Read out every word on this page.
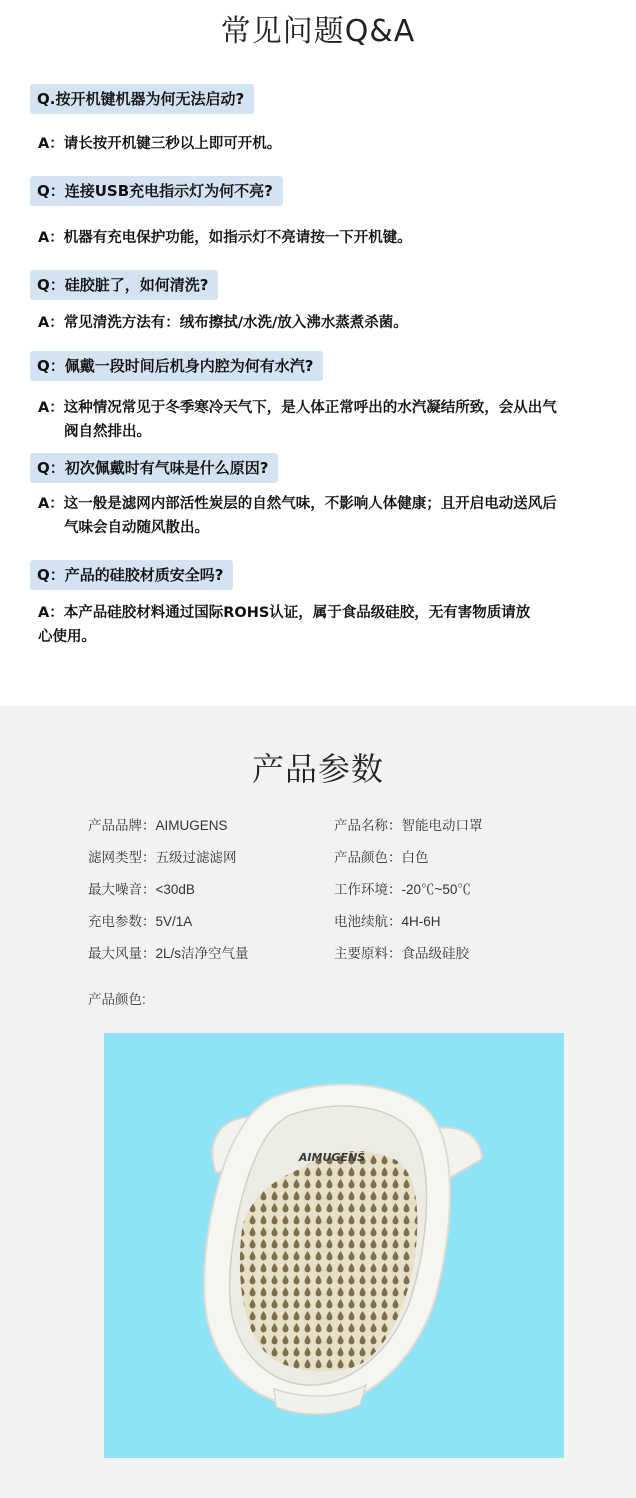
常见问题Q&A
Q.按开机键机器为何无法启动?
A：请长按开机键三秒以上即可开机。
Q：连接USB充电指示灯为何不亮?
A：机器有充电保护功能，如指示灯不亮请按一下开机键。
Q：硅胶脏了，如何清洗?
A：常见清洗方法有：绒布擦拭/水洗/放入沸水蒸煮杀菌。
Q：佩戴一段时间后机身内腔为何有水汽?
A：这种情况常见于冬季寒冷天气下，是人体正常呼出的水汽凝结所致，会从出气
阀自然排出。
Q：初次佩戴时有气味是什么原因?
A：这一般是滤网内部活性炭层的自然气味，不影响人体健康；且开启电动送风后
气味会自动随风散出。
Q：产品的硅胶材质安全吗?
A：本产品硅胶材料通过国际ROHS认证，属于食品级硅胶，无有害物质请放
心使用。
产品参数
产品品牌：AIMUGENS
滤网类型：五级过滤滤网
最大噪音：<30dB
充电参数：5V/1A
最大风量：2L/s洁净空气量
产品名称：智能电动口罩
产品颜色：白色
工作环境：-20℃~50℃
电池续航：4H-6H
主要原料：食品级硅胶
产品颜色:
AIMUGENS
